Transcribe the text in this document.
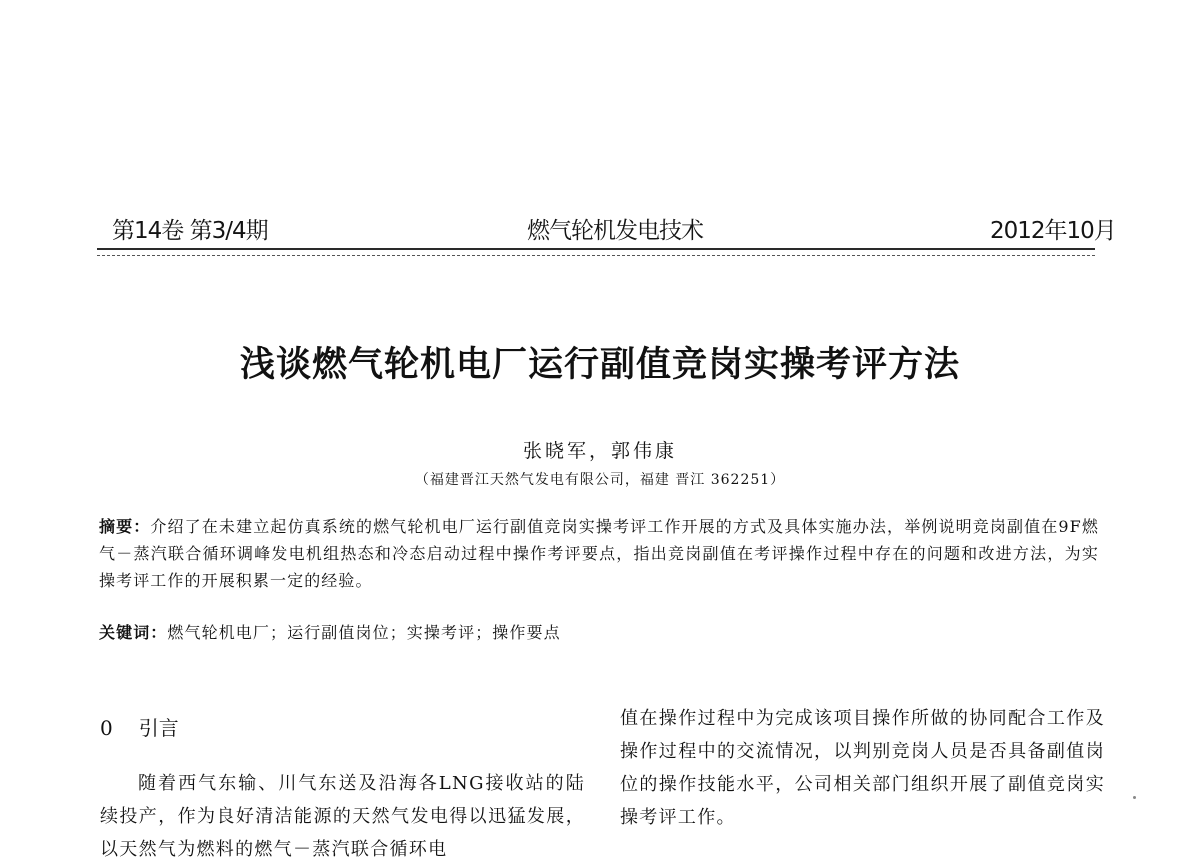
第14卷 第3/4期	燃气轮机发电技术	2012年10月
浅谈燃气轮机电厂运行副值竞岗实操考评方法
张晓军，郭伟康
（福建晋江天然气发电有限公司，福建 晋江 362251）
摘要：介绍了在未建立起仿真系统的燃气轮机电厂运行副值竞岗实操考评工作开展的方式及具体实施办法，举例说明竞岗副值在9F燃气－蒸汽联合循环调峰发电机组热态和冷态启动过程中操作考评要点，指出竞岗副值在考评操作过程中存在的问题和改进方法，为实操考评工作的开展积累一定的经验。
关键词：燃气轮机电厂；运行副值岗位；实操考评；操作要点
0 引言

随着西气东输、川气东送及沿海各LNG接收站的陆续投产，作为良好清洁能源的天然气发电得以迅猛发展，以天然气为燃料的燃气－蒸汽联合循环电

值在操作过程中为完成该项目操作所做的协同配合工作及操作过程中的交流情况，以判别竞岗人员是否具备副值岗位的操作技能水平，公司相关部门组织开展了副值竞岗实操考评工作。
